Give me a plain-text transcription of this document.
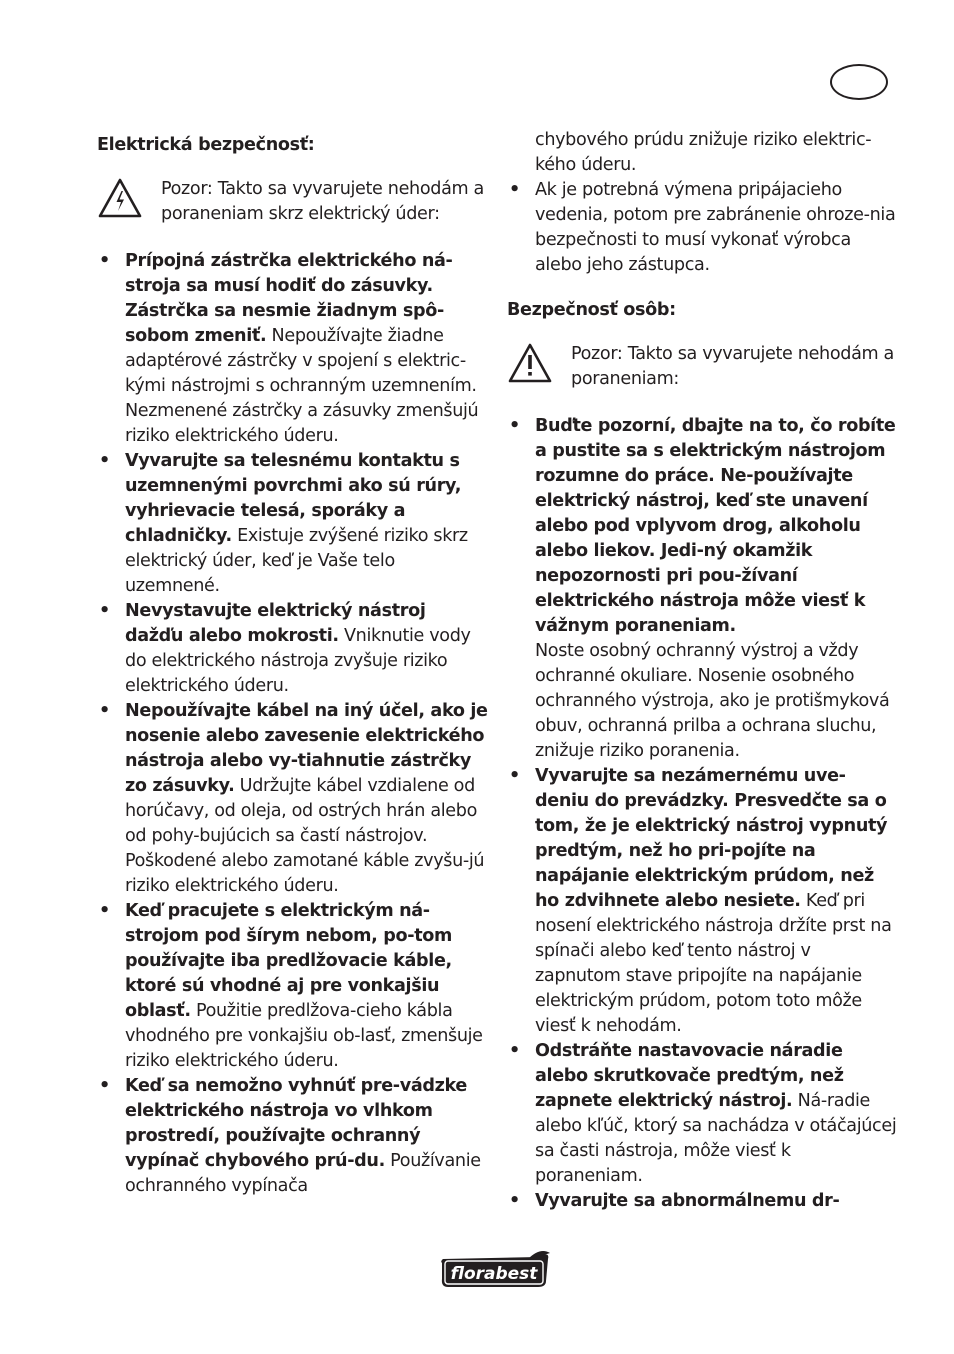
Elektrická bezpečnosť:
Pozor: Takto sa vyvarujete nehodám a poraneniam skrz elektrický úder:
• Prípojná zástrčka elektrického ná-stroja sa musí hodiť do zásuvky. Zástrčka sa nesmie žiadnym spô-sobom zmeniť. Nepoužívajte žiadne adaptérové zástrčky v spojení s elektric-kými nástrojmi s ochranným uzemnením. Nezmenené zástrčky a zásuvky zmenšujú riziko elektrického úderu.
• Vyvarujte sa telesnému kontaktu s uzemnenými povrchmi ako sú rúry, vyhrievacie telesá, sporáky a chladničky. Existuje zvýšené riziko skrz elektrický úder, keď je Vaše telo uzemnené.
• Nevystavujte elektrický nástroj dažďu alebo mokrosti. Vniknutie vody do elektrického nástroja zvyšuje riziko elektrického úderu.
• Nepoužívajte kábel na iný účel, ako je nosenie alebo zavesenie elektrického nástroja alebo vy-tiahnutie zástrčky zo zásuvky. Udržujte kábel vzdialene od horúčavy, od oleja, od ostrých hrán alebo od pohy-bujúcich sa častí nástrojov.
Poškodené alebo zamotané káble zvyšu-jú riziko elektrického úderu.
• Keď pracujete s elektrickým ná-strojom pod šírym nebom, po-tom používajte iba predlžovacie káble, ktoré sú vhodné aj pre vonkajšiu oblasť. Použitie predlžova-cieho kábla vhodného pre vonkajšiu ob-lasť, zmenšuje riziko elektrického úderu.
• Keď sa nemožno vyhnúť pre-vádzke elektrického nástroja vo vlhkom prostredí, používajte ochranný vypínač chybového prú-du. Používanie ochranného vypínača
chybového prúdu znižuje riziko elektric-kého úderu.
• Ak je potrebná výmena pripájacieho vedenia, potom pre zabránenie ohroze-nia bezpečnosti to musí vykonať výrobca alebo jeho zástupca.
Bezpečnosť osôb:
Pozor: Takto sa vyvarujete nehodám a poraneniam:
• Buďte pozorní, dbajte na to, čo robíte a pustite sa s elektrickým nástrojom rozumne do práce. Ne-používajte elektrický nástroj, keď ste unavení alebo pod vplyvom drog, alkoholu alebo liekov. Jedi-ný okamžik nepozornosti pri pou-žívaní elektrického nástroja môže viesť k vážnym poraneniam.
Noste osobný ochranný výstroj a vždy ochranné okuliare. Nosenie osobného ochranného výstroja, ako je protišmyková obuv, ochranná prilba a ochrana sluchu, znižuje riziko poranenia.
• Vyvarujte sa nezámernému uve-deniu do prevádzky. Presvedčte sa o tom, že je elektrický nástroj vypnutý predtým, než ho pri-pojíte na napájanie elektrickým prúdom, než ho zdvihnete alebo nesiete. Keď pri nosení elektrického nástroja držíte prst na spínači alebo keď tento nástroj v zapnutom stave pripojíte na napájanie elektrickým prúdom, potom toto môže viesť k nehodám.
• Odstráňte nastavovacie náradie alebo skrutkovače predtým, než zapnete elektrický nástroj. Ná-radie alebo kľúč, ktorý sa nachádza v otáčajúcej sa časti nástroja, môže viesť k poraneniam.
• Vyvarujte sa abnormálnemu dr-
florabest
